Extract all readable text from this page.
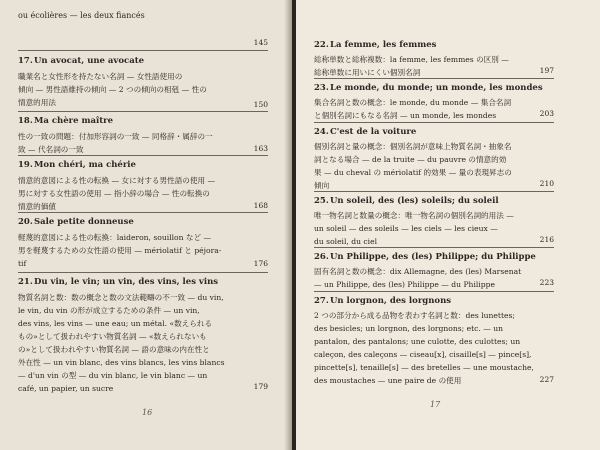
ou écolières — les deux fiancés
145
17.Un avocat, une avocate
職業名と女性形を持たない名詞 — 女性語使用の
傾向 — 男性語維持の傾向 — 2 つの傾向の相剋 — 性の
情意的用法	150
18.Ma chère maître
性の一致の問題：付加形容詞の一致 — 同格辞・属辞の一
致 — 代名詞の一致	163
19.Mon chéri, ma chérie
情意的意図による性の転換 — 女に対する男性語の使用 —
男に対する女性語の使用 — 指小辞の場合 — 性の転換の
情意的価値	168
20.Sale petite donneuse
軽蔑的意図による性の転換：laideron, souillon など —
男を軽蔑するための女性語の使用 — mériolatif と péjora-
tif	176
21.Du vin, le vin; un vin, des vins, les vins
物質名詞と数：数の概念と数の文法範疇の不一致 — du vin,
le vin, du vin の形が成立するための条件 — un vin,
des vins, les vins — une eau; un métal. «数えられる
もの»として扱われやすい物質名詞 — «数えられないも
の»として扱われやすい物質名詞 — 語の意味の内在性と
外在性 — un vin blanc, des vins blancs, les vins blancs
— d'un vin の型 — du vin blanc, le vin blanc — un
café, un papier, un sucre	179
16
22.La femme, les femmes
総称単数と総称複数：la femme, les femmes の区別 —
総称単数に用いにくい個別名詞	197
23.Le monde, du monde; un monde, les mondes
集合名詞と数の概念：le monde, du monde — 集合名詞
と個別名詞にもなる名詞 — un monde, les mondes	203
24.C'est de la voiture
個別名詞と量の概念：個別名詞が意味上物質名詞・抽象名
詞となる場合 — de la truite — du pauvre の情意的効
果 — du cheval の mériolatif 的効果 — 量の表現昇志の
傾向	210
25.Un soleil, des (les) soleils; du soleil
唯一物名詞と数量の概念：唯一物名詞の個別名詞的用法 —
un soleil — des soleils — les ciels — les cieux —
du soleil, du ciel	216
26.Un Philippe, des (les) Philippe; du Philippe
固有名詞と数の概念：dix Allemagne, des (les) Marsenat
— un Philippe, des (les) Philippe — du Philippe	223
27.Un lorgnon, des lorgnons
2 つの部分から成る品物を表わす名詞と数：des lunettes;
des besicles; un lorgnon, des lorgnons; etc. — un
pantalon, des pantalons; une culotte, des culottes; un
caleçon, des caleçons — ciseau[x], cisaille[s] — pince[s],
pincette[s], tenaille[s] — des bretelles — une moustache,
des moustaches — une paire de の使用	227
17
